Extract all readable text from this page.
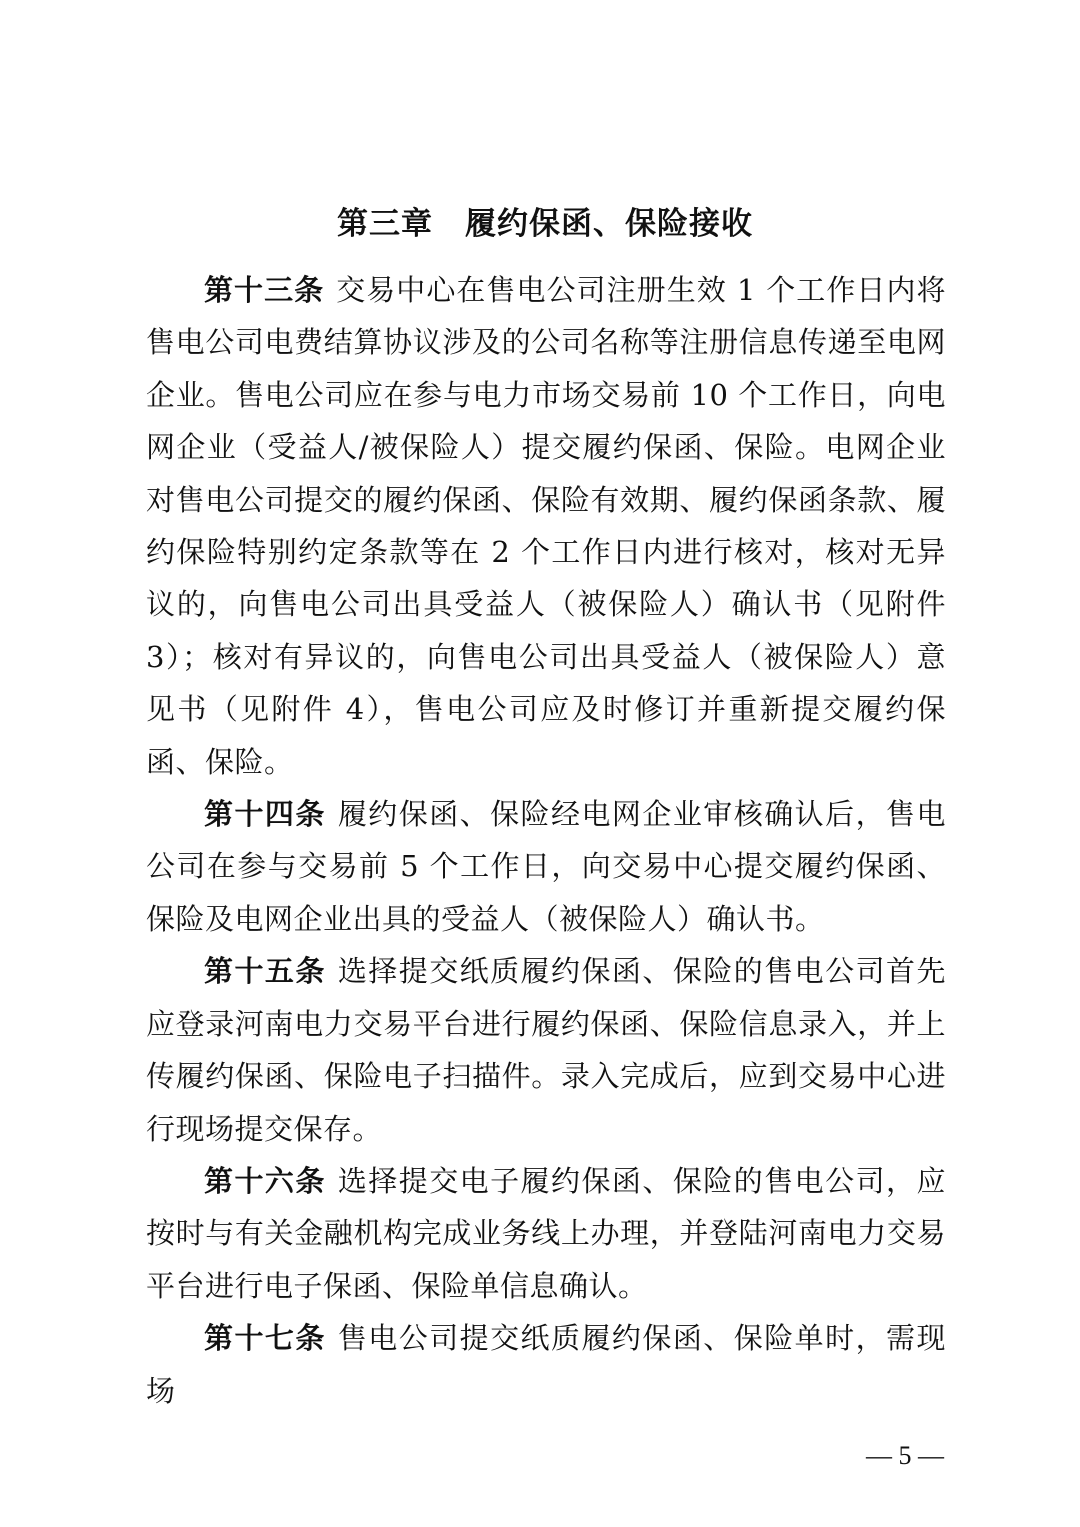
第三章　履约保函、保险接收

第十三条 交易中心在售电公司注册生效 1 个工作日内将售电公司电费结算协议涉及的公司名称等注册信息传递至电网企业。售电公司应在参与电力市场交易前 10 个工作日，向电网企业（受益人/被保险人）提交履约保函、保险。电网企业对售电公司提交的履约保函、保险有效期、履约保函条款、履约保险特别约定条款等在 2 个工作日内进行核对，核对无异议的，向售电公司出具受益人（被保险人）确认书（见附件 3）；核对有异议的，向售电公司出具受益人（被保险人）意见书（见附件 4），售电公司应及时修订并重新提交履约保函、保险。

第十四条 履约保函、保险经电网企业审核确认后，售电公司在参与交易前 5 个工作日，向交易中心提交履约保函、保险及电网企业出具的受益人（被保险人）确认书。

第十五条 选择提交纸质履约保函、保险的售电公司首先应登录河南电力交易平台进行履约保函、保险信息录入，并上传履约保函、保险电子扫描件。录入完成后，应到交易中心进行现场提交保存。

第十六条 选择提交电子履约保函、保险的售电公司，应按时与有关金融机构完成业务线上办理，并登陆河南电力交易平台进行电子保函、保险单信息确认。

第十七条 售电公司提交纸质履约保函、保险单时，需现场

— 5 —
